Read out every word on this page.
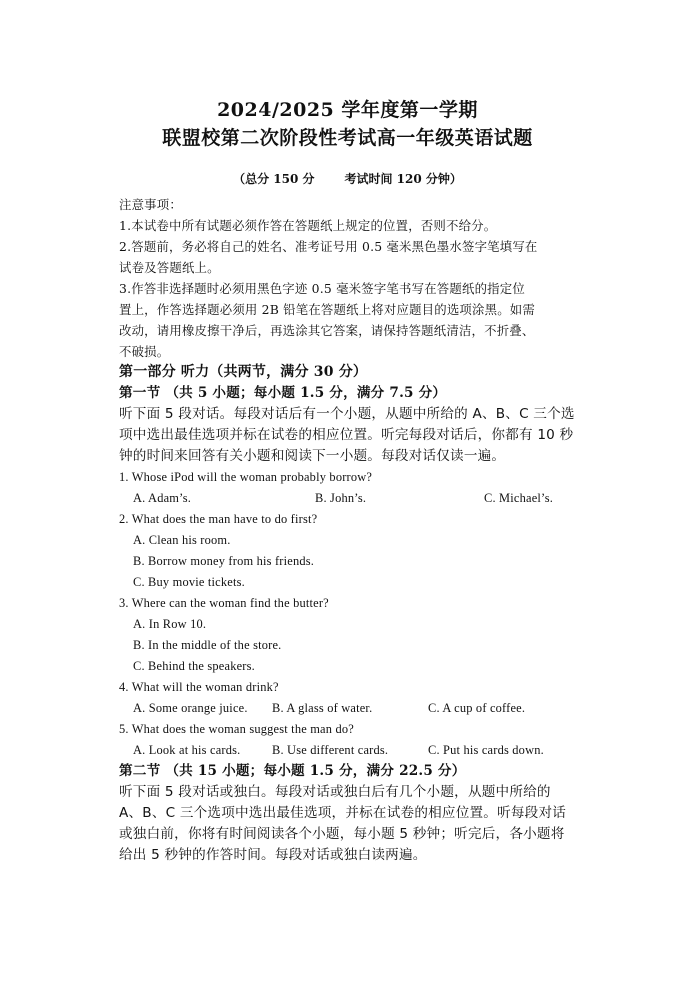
2024/2025 学年度第一学期
联盟校第二次阶段性考试高一年级英语试题
（总分 150 分	考试时间 120 分钟）

注意事项：

1.本试卷中所有试题必须作答在答题纸上规定的位置，否则不给分。

2.答题前，务必将自己的姓名、准考证号用 0.5 毫米黑色墨水签字笔填写在

试卷及答题纸上。

3.作答非选择题时必须用黑色字迹 0.5 毫米签字笔书写在答题纸的指定位

置上，作答选择题必须用 2B 铅笔在答题纸上将对应题目的选项涂黑。如需

改动，请用橡皮擦干净后，再选涂其它答案，请保持答题纸清洁，不折叠、

不破损。

第一部分 听力（共两节，满分 30 分）

第一节 （共 5 小题；每小题 1.5 分，满分 7.5 分）

听下面 5 段对话。每段对话后有一个小题，从题中所给的 A、B、C 三个选

项中选出最佳选项并标在试卷的相应位置。听完每段对话后，你都有 10 秒

钟的时间来回答有关小题和阅读下一小题。每段对话仅读一遍。

1. Whose iPod will the woman probably borrow?

A. Adam’s.	B. John’s.	C. Michael’s.

2. What does the man have to do first?

A. Clean his room.

B. Borrow money from his friends.

C. Buy movie tickets.

3. Where can the woman find the butter?

A. In Row 10.

B. In the middle of the store.

C. Behind the speakers.

4. What will the woman drink?

A. Some orange juice. B. A glass of water.	C. A cup of coffee.

5. What does the woman suggest the man do?

A. Look at his cards.	B. Use different cards.	C. Put his cards down.

第二节 （共 15 小题；每小题 1.5 分，满分 22.5 分）

听下面 5 段对话或独白。每段对话或独白后有几个小题，从题中所给的

A、B、C 三个选项中选出最佳选项，并标在试卷的相应位置。听每段对话

或独白前，你将有时间阅读各个小题，每小题 5 秒钟；听完后，各小题将

给出 5 秒钟的作答时间。每段对话或独白读两遍。
